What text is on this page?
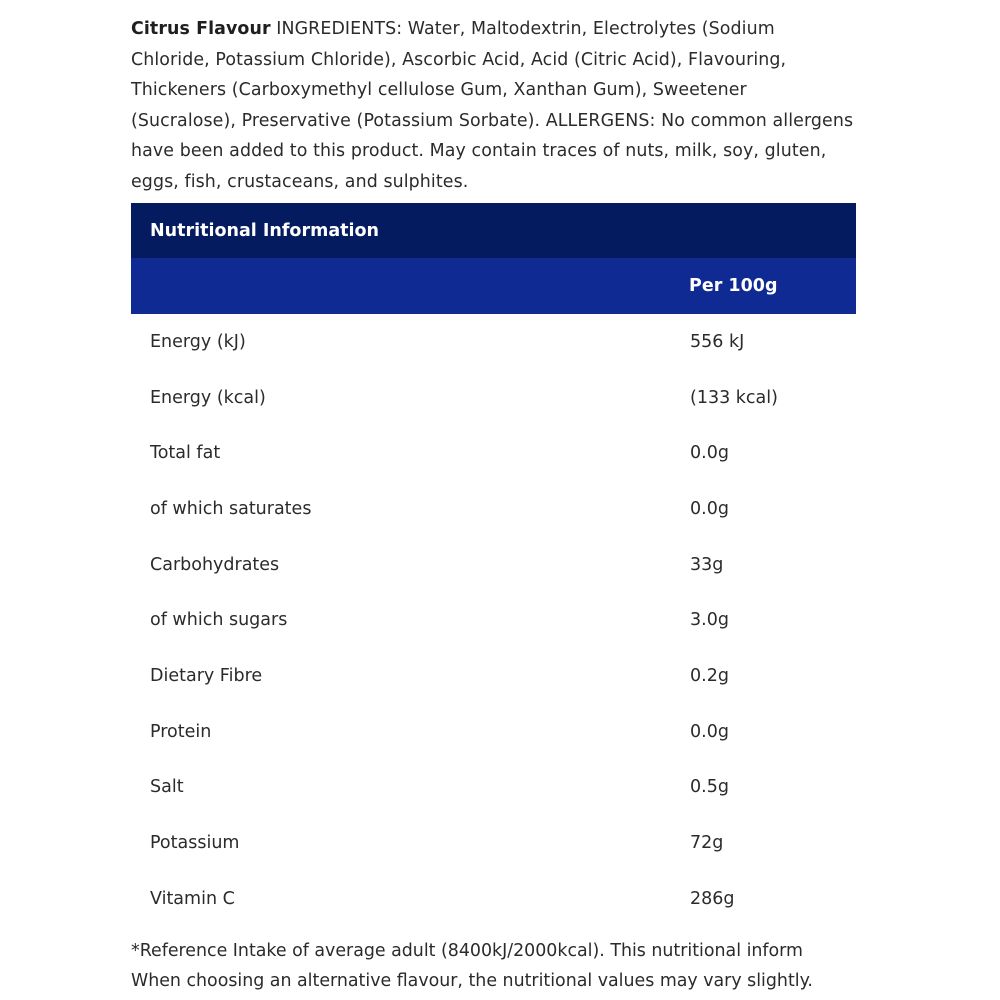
Citrus Flavour INGREDIENTS: Water, Maltodextrin, Electrolytes (Sodium Chloride, Potassium Chloride), Ascorbic Acid, Acid (Citric Acid), Flavouring, Thickeners (Carboxymethyl cellulose Gum, Xanthan Gum), Sweetener (Sucralose), Preservative (Potassium Sorbate). ALLERGENS: No common allergens have been added to this product. May contain traces of nuts, milk, soy, gluten, eggs, fish, crustaceans, and sulphites.

Nutritional Information	
	Per 100g
Energy (kJ)	556 kJ
Energy (kcal)	(133 kcal)
Total fat	0.0g
of which saturates	0.0g
Carbohydrates	33g
of which sugars	3.0g
Dietary Fibre	0.2g
Protein	0.0g
Salt	0.5g
Potassium	72g
Vitamin C	286g
*Reference Intake of average adult (8400kJ/2000kcal). This nutritional inform
When choosing an alternative flavour, the nutritional values may vary slightly.
